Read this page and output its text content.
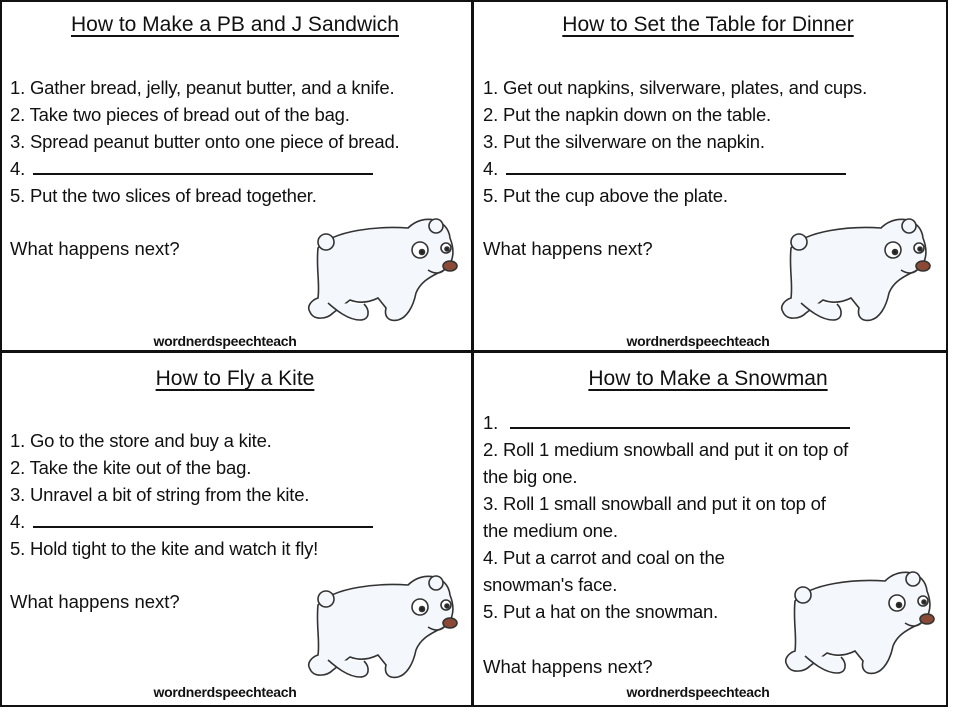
How to Make a PB and J Sandwich
1. Gather bread, jelly, peanut butter, and a knife.
2. Take two pieces of bread out of the bag.
3. Spread peanut butter onto one piece of bread.
4.
5. Put the two slices of bread together.
What happens next?
wordnerdspeechteach
How to Set the Table for Dinner
1. Get out napkins, silverware, plates, and cups.
2. Put the napkin down on the table.
3. Put the silverware on the napkin.
4.
5. Put the cup above the plate.
What happens next?
wordnerdspeechteach
How to Fly a Kite
1. Go to the store and buy a kite.
2. Take the kite out of the bag.
3. Unravel a bit of string from the kite.
4.
5. Hold tight to the kite and watch it fly!
What happens next?
wordnerdspeechteach
How to Make a Snowman
1.
2. Roll 1 medium snowball and put it on top of
the big one.
3. Roll 1 small snowball and put it on top of
the medium one.
4. Put a carrot and coal on the
snowman's face.
5. Put a hat on the snowman.
What happens next?
wordnerdspeechteach
